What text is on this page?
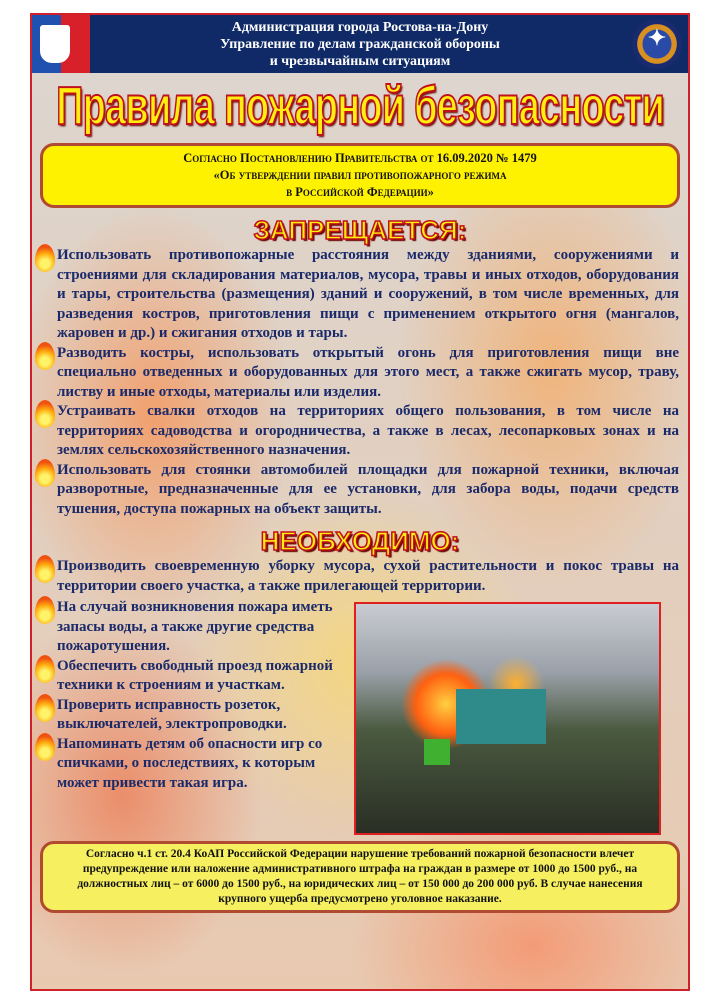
Администрация города Ростова-на-Дону
Управление по делам гражданской обороны
и чрезвычайным ситуациям
✦
Правила пожарной безопасности
Согласно Постановлению Правительства от 16.09.2020 № 1479
«Об утверждении правил противопожарного режима
в Российской Федерации»
ЗАПРЕЩАЕТСЯ:
Использовать противопожарные расстояния между зданиями, сооружениями и строениями для складирования материалов, мусора, травы и иных отходов, оборудования и тары, строительства (размещения) зданий и сооружений, в том числе временных, для разведения костров, приготовления пищи с применением открытого огня (мангалов, жаровен и др.) и сжигания отходов и тары.
Разводить костры, использовать открытый огонь для приготовления пищи вне специально отведенных и оборудованных для этого мест, а также сжигать мусор, траву, листву и иные отходы, материалы или изделия.
Устраивать свалки отходов на территориях общего пользования, в том числе на территориях садоводства и огородничества, а также в лесах, лесопарковых зонах и на землях сельскохозяйственного назначения.
Использовать для стоянки автомобилей площадки для пожарной техники, включая разворотные, предназначенные для ее установки, для забора воды, подачи средств тушения, доступа пожарных на объект защиты.
НЕОБХОДИМО:
Производить своевременную уборку мусора, сухой растительности и покос травы на территории своего участка, а также прилегающей территории.
На случай возникновения пожара иметь запасы воды, а также другие средства пожаротушения.
Обеспечить свободный проезд пожарной техники к строениям и участкам.
Проверить исправность розеток, выключателей, электропроводки.
Напоминать детям об опасности игр со спичками, о последствиях, к которым может привести такая игра.
Согласно ч.1 ст. 20.4 КоАП Российской Федерации нарушение требований пожарной безопасности влечет предупреждение или наложение административного штрафа на граждан в размере от 1000 до 1500 руб., на должностных лиц – от 6000 до 1500 руб., на юридических лиц – от 150 000 до 200 000 руб. В случае нанесения крупного ущерба предусмотрено уголовное наказание.
